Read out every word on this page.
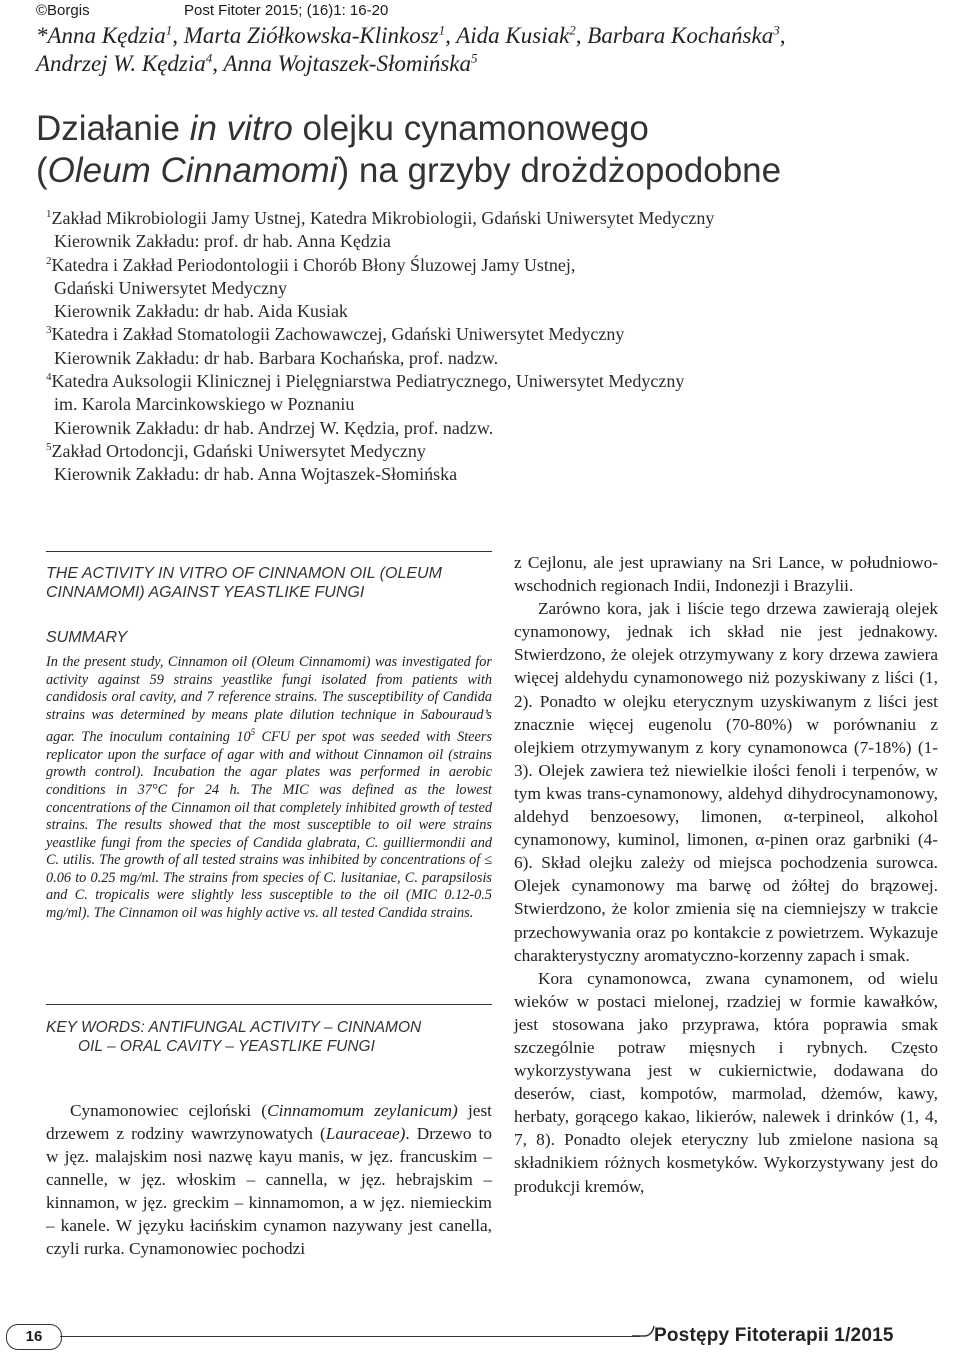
©Borgis	Post Fitoter 2015; (16)1: 16-20
*Anna Kędzia$^1$, Marta Ziółkowska-Klinkosz$^1$, Aida Kusiak$^2$, Barbara Kochańska$^3$,
Andrzej W. Kędzia$^4$, Anna Wojtaszek-Słomińska$^5$
Działanie in vitro olejku cynamonowego
(Oleum Cinnamomi) na grzyby drożdżopodobne
$^1$Zakład Mikrobiologii Jamy Ustnej, Katedra Mikrobiologii, Gdański Uniwersytet Medyczny
Kierownik Zakładu: prof. dr hab. Anna Kędzia
$^2$Katedra i Zakład Periodontologii i Chorób Błony Śluzowej Jamy Ustnej,
Gdański Uniwersytet Medyczny
Kierownik Zakładu: dr hab. Aida Kusiak
$^3$Katedra i Zakład Stomatologii Zachowawczej, Gdański Uniwersytet Medyczny
Kierownik Zakładu: dr hab. Barbara Kochańska, prof. nadzw.
$^4$Katedra Auksologii Klinicznej i Pielęgniarstwa Pediatrycznego, Uniwersytet Medyczny
im. Karola Marcinkowskiego w Poznaniu
Kierownik Zakładu: dr hab. Andrzej W. Kędzia, prof. nadzw.
$^5$Zakład Ortodoncji, Gdański Uniwersytet Medyczny
Kierownik Zakładu: dr hab. Anna Wojtaszek-Słomińska
THE ACTIVITY IN VITRO OF CINNAMON OIL (OLEUM CINNAMOMI) AGAINST YEASTLIKE FUNGI
SUMMARY
In the present study, Cinnamon oil (Oleum Cinnamomi) was investigated for activity against 59 strains yeastlike fungi isolated from patients with candidosis oral cavity, and 7 reference strains. The susceptibility of Candida strains was determined by means plate dilution technique in Sabouraud’s agar. The inoculum containing $10^5$ CFU per spot was seeded with Steers replicator upon the surface of agar with and without Cinnamon oil (strains growth control). Incubation the agar plates was performed in aerobic conditions in 37°C for 24 h. The MIC was defined as the lowest concentrations of the Cinnamon oil that completely inhibited growth of tested strains. The results showed that the most susceptible to oil were strains yeastlike fungi from the species of Candida glabrata, C. guilliermondii and C. utilis. The growth of all tested strains was inhibited by concentrations of ≤ 0.06 to 0.25 mg/ml. The strains from species of C. lusitaniae, C. parapsilosis and C. tropicalis were slightly less susceptible to the oil (MIC 0.12-0.5 mg/ml). The Cinnamon oil was highly active vs. all tested Candida strains.
KEY WORDS: ANTIFUNGAL ACTIVITY – CINNAMON
OIL – ORAL CAVITY – YEASTLIKE FUNGI
Cynamonowiec cejloński (Cinnamomum zeylanicum) jest drzewem z rodziny wawrzynowatych (Lauraceae). Drzewo to w jęz. malajskim nosi nazwę kayu manis, w jęz. francuskim – cannelle, w jęz. włoskim – cannella, w jęz. hebrajskim – kinnamon, w jęz. greckim – kinnamomon, a w jęz. niemieckim – kanele. W języku łacińskim cynamon nazywany jest canella, czyli rurka. Cynamonowiec pochodzi

z Cejlonu, ale jest uprawiany na Sri Lance, w południowo-wschodnich regionach Indii, Indonezji i Brazylii.

Zarówno kora, jak i liście tego drzewa zawierają olejek cynamonowy, jednak ich skład nie jest jednakowy. Stwierdzono, że olejek otrzymywany z kory drzewa zawiera więcej aldehydu cynamonowego niż pozyskiwany z liści (1, 2). Ponadto w olejku eterycznym uzyskiwanym z liści jest znacznie więcej eugenolu (70-80%) w porównaniu z olejkiem otrzymywanym z kory cynamonowca (7-18%) (1-3). Olejek zawiera też niewielkie ilości fenoli i terpenów, w tym kwas trans-cynamonowy, aldehyd dihydrocynamonowy, aldehyd benzoesowy, limonen, α-terpineol, alkohol cynamonowy, kuminol, limonen, α-pinen oraz garbniki (4-6). Skład olejku zależy od miejsca pochodzenia surowca. Olejek cynamonowy ma barwę od żółtej do brązowej. Stwierdzono, że kolor zmienia się na ciemniejszy w trakcie przechowywania oraz po kontakcie z powietrzem. Wykazuje charakterystyczny aromatyczno-korzenny zapach i smak.

Kora cynamonowca, zwana cynamonem, od wielu wieków w postaci mielonej, rzadziej w formie kawałków, jest stosowana jako przyprawa, która poprawia smak szczególnie potraw mięsnych i rybnych. Często wykorzystywana jest w cukiernictwie, dodawana do deserów, ciast, kompotów, marmolad, dżemów, kawy, herbaty, gorącego kakao, likierów, nalewek i drinków (1, 4, 7, 8). Ponadto olejek eteryczny lub zmielone nasiona są składnikiem różnych kosmetyków. Wykorzystywany jest do produkcji kremów,

16	Postępy Fitoterapii 1/2015
